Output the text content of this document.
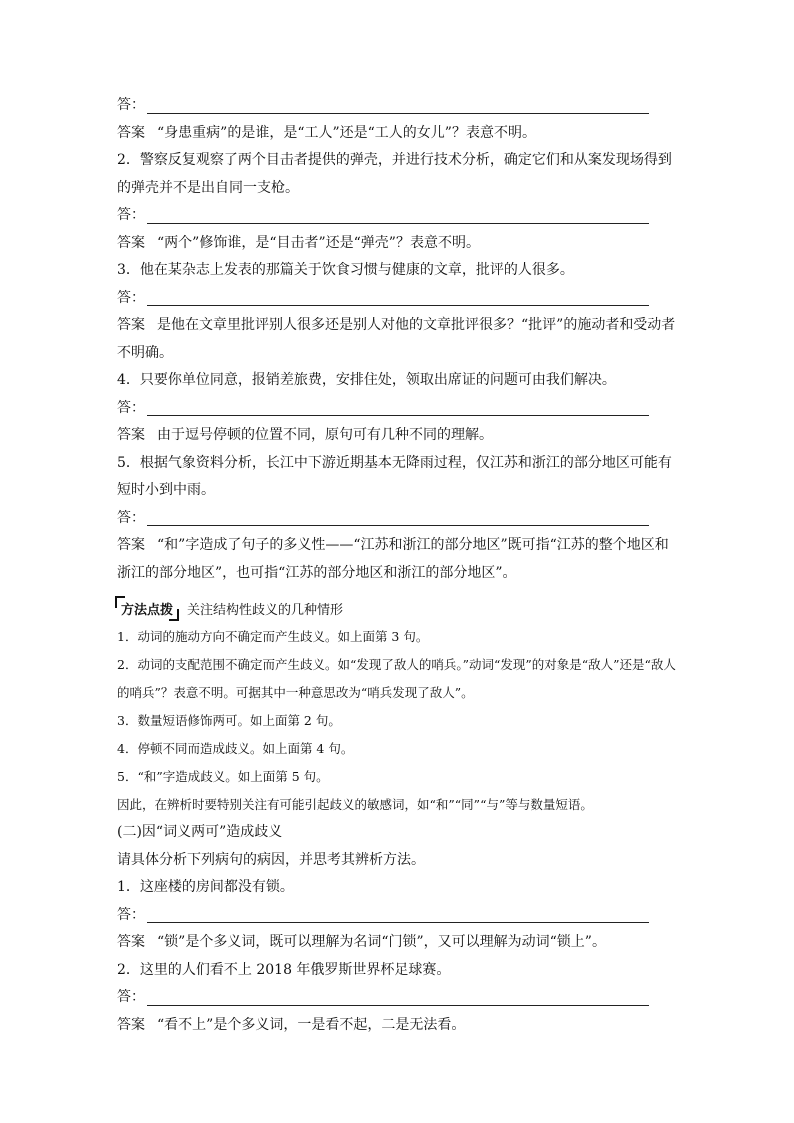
答：
答案 “身患重病”的是谁，是“工人”还是“工人的女儿”？表意不明。
2．警察反复观察了两个目击者提供的弹壳，并进行技术分析，确定它们和从案发现场得到的弹壳并不是出自同一支枪。
答：
答案 “两个”修饰谁，是“目击者”还是“弹壳”？表意不明。
3．他在某杂志上发表的那篇关于饮食习惯与健康的文章，批评的人很多。
答：
答案 是他在文章里批评别人很多还是别人对他的文章批评很多？“批评”的施动者和受动者不明确。
4．只要你单位同意，报销差旅费，安排住处，领取出席证的问题可由我们解决。
答：
答案 由于逗号停顿的位置不同，原句可有几种不同的理解。
5．根据气象资料分析，长江中下游近期基本无降雨过程，仅江苏和浙江的部分地区可能有短时小到中雨。
答：
答案 “和”字造成了句子的多义性——“江苏和浙江的部分地区”既可指“江苏的整个地区和浙江的部分地区”，也可指“江苏的部分地区和浙江的部分地区”。
方法点拨	关注结构性歧义的几种情形
1．动词的施动方向不确定而产生歧义。如上面第 3 句。
2．动词的支配范围不确定而产生歧义。如“发现了敌人的哨兵。”动词“发现”的对象是“敌人”还是“敌人的哨兵”？表意不明。可据其中一种意思改为“哨兵发现了敌人”。
3．数量短语修饰两可。如上面第 2 句。
4．停顿不同而造成歧义。如上面第 4 句。
5．“和”字造成歧义。如上面第 5 句。
因此，在辨析时要特别关注有可能引起歧义的敏感词，如“和”“同”“与”等与数量短语。
(二)因“词义两可”造成歧义
请具体分析下列病句的病因，并思考其辨析方法。
1．这座楼的房间都没有锁。
答：
答案 “锁”是个多义词，既可以理解为名词“门锁”，又可以理解为动词“锁上”。
2．这里的人们看不上 2018 年俄罗斯世界杯足球赛。
答：
答案 “看不上”是个多义词，一是看不起，二是无法看。
